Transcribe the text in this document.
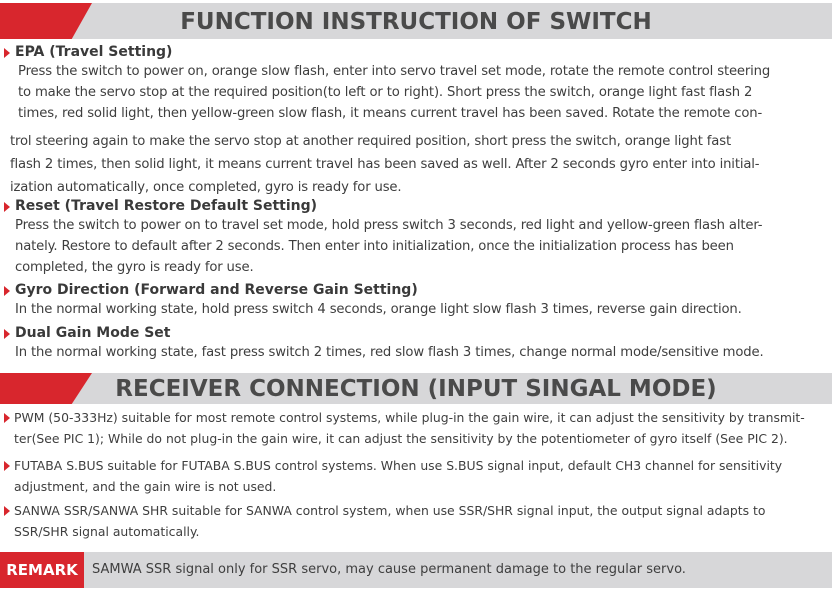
FUNCTION INSTRUCTION OF SWITCH
EPA (Travel Setting)
Press the switch to power on, orange slow flash, enter into servo travel set mode, rotate the remote control steering
to make the servo stop at the required position(to left or to right). Short press the switch, orange light fast flash 2
times, red solid light, then yellow-green slow flash, it means current travel has been saved. Rotate the remote con-
trol steering again to make the servo stop at another required position, short press the switch, orange light fast
flash 2 times, then solid light, it means current travel has been saved as well. After 2 seconds gyro enter into initial-
ization automatically, once completed, gyro is ready for use.
Reset (Travel Restore Default Setting)
Press the switch to power on to travel set mode, hold press switch 3 seconds, red light and yellow-green flash alter-
nately. Restore to default after 2 seconds. Then enter into initialization, once the initialization process has been
completed, the gyro is ready for use.
Gyro Direction (Forward and Reverse Gain Setting)
In the normal working state, hold press switch 4 seconds, orange light slow flash 3 times, reverse gain direction.
Dual Gain Mode Set
In the normal working state, fast press switch 2 times, red slow flash 3 times, change normal mode/sensitive mode.
RECEIVER CONNECTION (INPUT SINGAL MODE)
PWM (50-333Hz) suitable for most remote control systems, while plug-in the gain wire, it can adjust the sensitivity by transmit-
ter(See PIC 1); While do not plug-in the gain wire, it can adjust the sensitivity by the potentiometer of gyro itself (See PIC 2).
FUTABA S.BUS suitable for FUTABA S.BUS control systems. When use S.BUS signal input, default CH3 channel for sensitivity
adjustment, and the gain wire is not used.
SANWA SSR/SANWA SHR suitable for SANWA control system, when use SSR/SHR signal input, the output signal adapts to
SSR/SHR signal automatically.
REMARK	SAMWA SSR signal only for SSR servo, may cause permanent damage to the regular servo.
